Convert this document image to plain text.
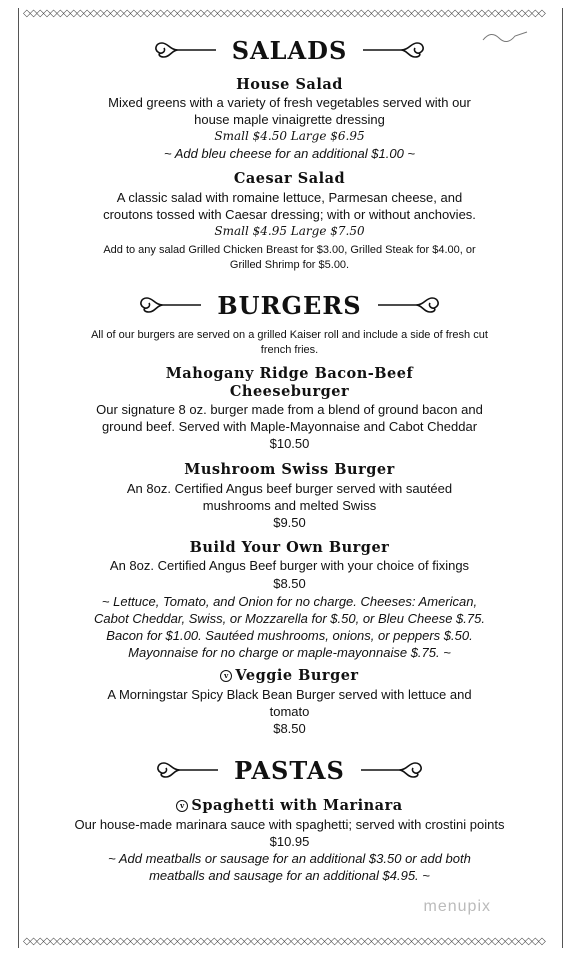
◇◇◇◇◇◇◇◇◇◇◇◇◇◇◇◇◇◇◇◇◇◇◇◇◇◇◇◇◇◇◇◇◇◇◇◇◇◇◇◇◇◇◇◇◇◇◇◇◇◇◇◇◇◇◇◇◇◇◇◇◇◇◇◇◇◇◇◇◇◇◇◇◇◇◇◇◇◇
◇◇◇◇◇◇◇◇◇◇◇◇◇◇◇◇◇◇◇◇◇◇◇◇◇◇◇◇◇◇◇◇◇◇◇◇◇◇◇◇◇◇◇◇◇◇◇◇◇◇◇◇◇◇◇◇◇◇◇◇◇◇◇◇◇◇◇◇◇◇◇◇◇◇◇◇◇◇
SALADS
House Salad
Mixed greens with a variety of fresh vegetables served with our
house maple vinaigrette dressing
Small $4.50 Large $6.95
~ Add bleu cheese for an additional $1.00 ~
Caesar Salad
A classic salad with romaine lettuce, Parmesan cheese, and
croutons tossed with Caesar dressing; with or without anchovies.
Small $4.95 Large $7.50
Add to any salad Grilled Chicken Breast for $3.00, Grilled Steak for $4.00, or
Grilled Shrimp for $5.00.
BURGERS
All of our burgers are served on a grilled Kaiser roll and include a side of fresh cut
french fries.
Mahogany Ridge Bacon-Beef
Cheeseburger
Our signature 8 oz. burger made from a blend of ground bacon and
ground beef. Served with Maple-Mayonnaise and Cabot Cheddar
$10.50
Mushroom Swiss Burger
An 8oz. Certified Angus beef burger served with sautéed
mushrooms and melted Swiss
$9.50
Build Your Own Burger
An 8oz. Certified Angus Beef burger with your choice of fixings
$8.50
~ Lettuce, Tomato, and Onion for no charge. Cheeses: American,
Cabot Cheddar, Swiss, or Mozzarella for $.50, or Bleu Cheese $.75.
Bacon for $1.00. Sautéed mushrooms, onions, or peppers $.50.
Mayonnaise for no charge or maple-mayonnaise $.75. ~
v Veggie Burger
A Morningstar Spicy Black Bean Burger served with lettuce and
tomato
$8.50
PASTAS
v Spaghetti with Marinara
Our house-made marinara sauce with spaghetti; served with crostini points
$10.95
~ Add meatballs or sausage for an additional $3.50 or add both
meatballs and sausage for an additional $4.95. ~
menupix
